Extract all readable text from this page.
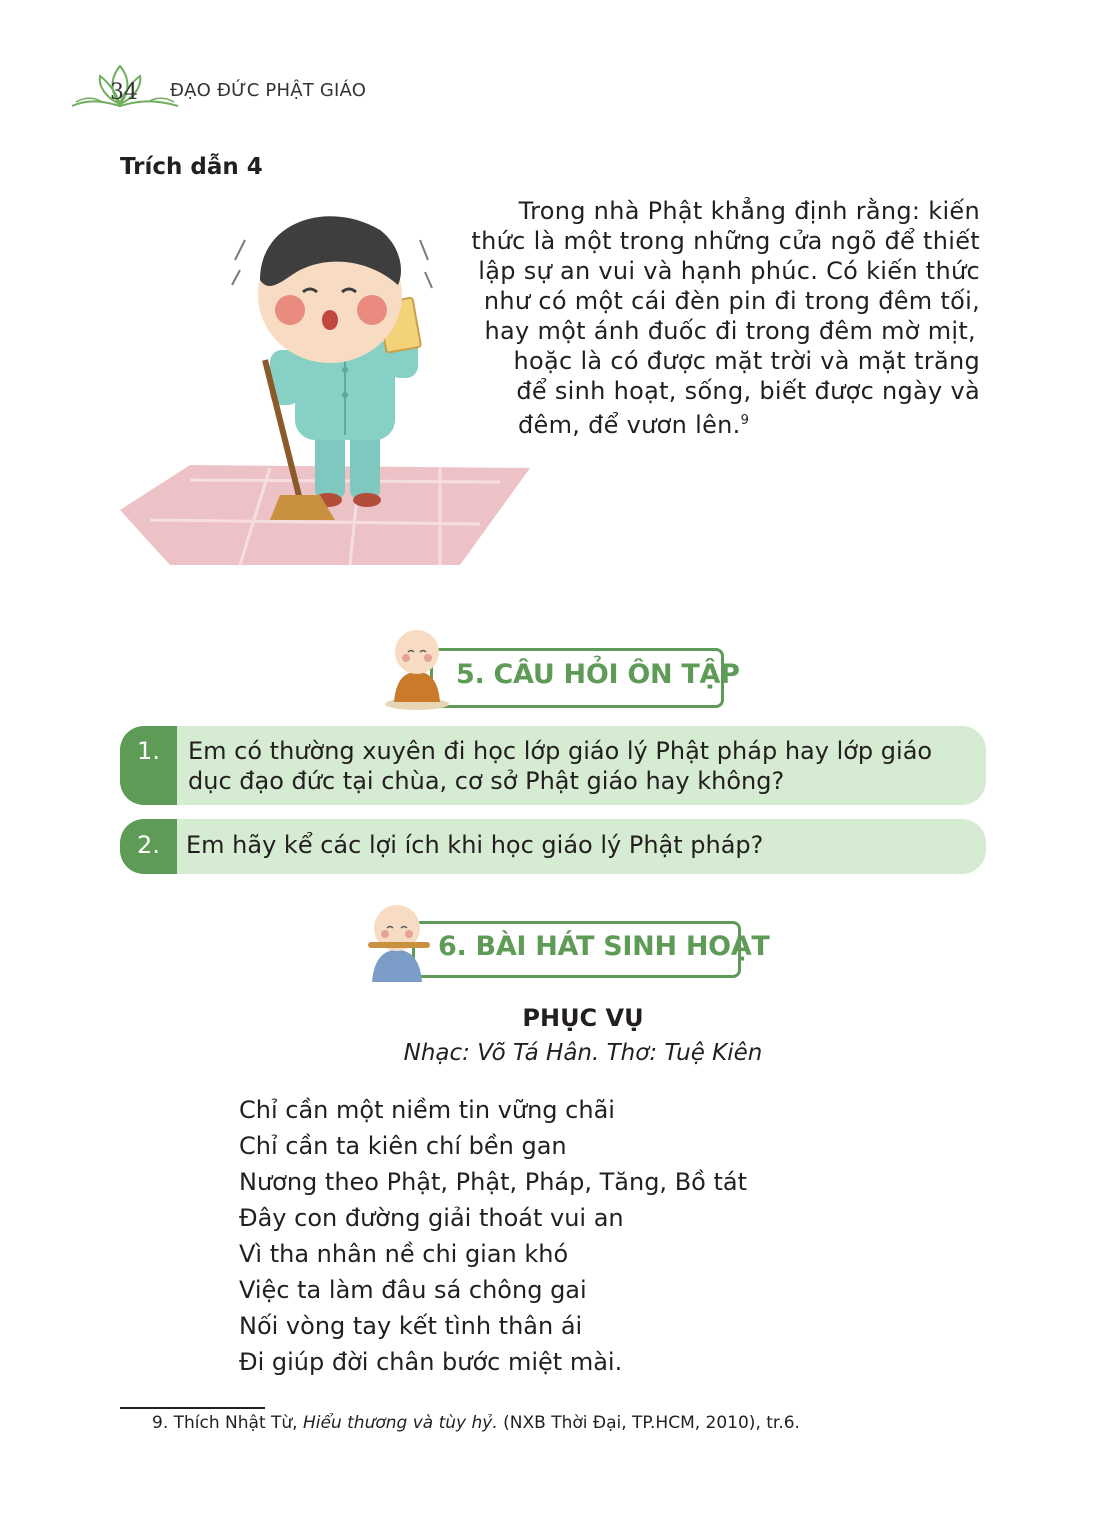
34	ĐẠO ĐỨC PHẬT GIÁO
Trích dẫn 4
Trong nhà Phật khẳng định rằng: kiến
thức là một trong những cửa ngõ để thiết
lập sự an vui và hạnh phúc. Có kiến thức
như có một cái đèn pin đi trong đêm tối,
hay một ánh đuốc đi trong đêm mờ mịt,
hoặc là có được mặt trời và mặt trăng
để sinh hoạt, sống, biết được ngày và
đêm, để vươn lên.$^9$
5. CÂU HỎI ÔN TẬP
1.	Em có thường xuyên đi học lớp giáo lý Phật pháp hay lớp giáo
dục đạo đức tại chùa, cơ sở Phật giáo hay không?
2.	Em hãy kể các lợi ích khi học giáo lý Phật pháp?
6. BÀI HÁT SINH HOẠT
PHỤC VỤ
Nhạc: Võ Tá Hân. Thơ: Tuệ Kiên
Chỉ cần một niềm tin vững chãi
Chỉ cần ta kiên chí bền gan
Nương theo Phật, Phật, Pháp, Tăng, Bồ tát
Đây con đường giải thoát vui an
Vì tha nhân nề chi gian khó
Việc ta làm đâu sá chông gai
Nối vòng tay kết tình thân ái
Đi giúp đời chân bước miệt mài.
9. Thích Nhật Từ, Hiểu thương và tùy hỷ. (NXB Thời Đại, TP.HCM, 2010), tr.6.
